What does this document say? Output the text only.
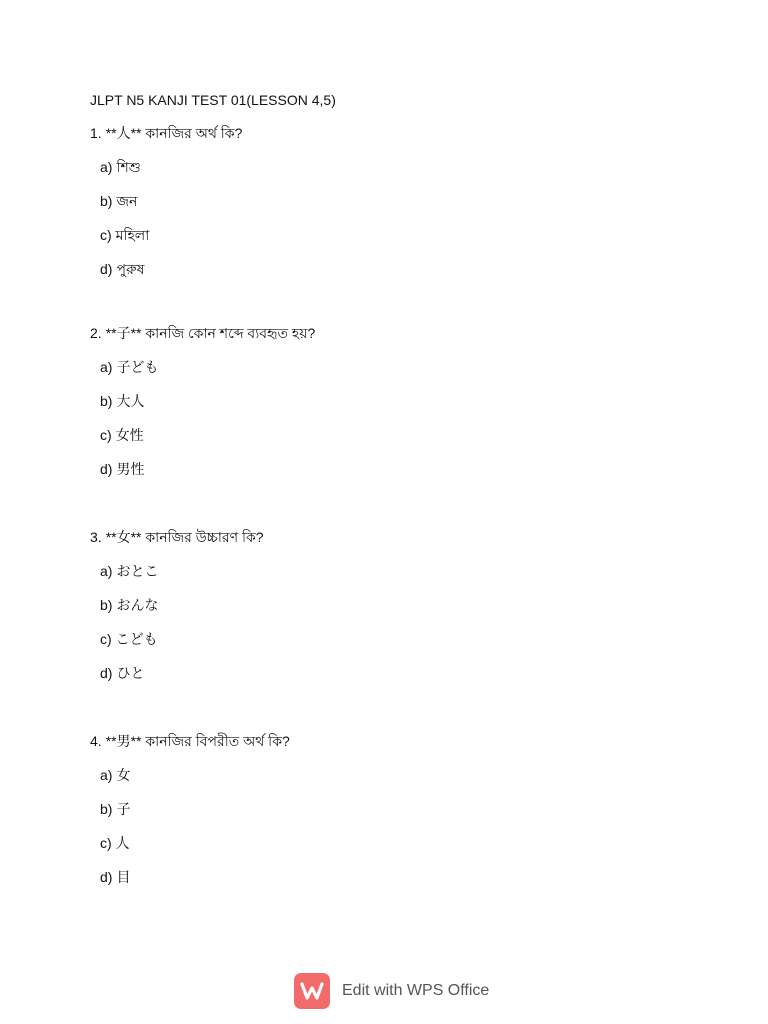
JLPT N5 KANJI TEST 01(LESSON 4,5)
1. **人** কানজির অর্থ কি?
a) শিশু
b) জন
c) মহিলা
d) পুরুষ
2. **子** কানজি কোন শব্দে ব্যবহৃত হয়?
a) 子ども
b) 大人
c) 女性
d) 男性
3. **女** কানজির উচ্চারণ কি?
a) おとこ
b) おんな
c) こども
d) ひと
4. **男** কানজির বিপরীত অর্থ কি?
a) 女
b) 子
c) 人
d) 目
Edit with WPS Office
